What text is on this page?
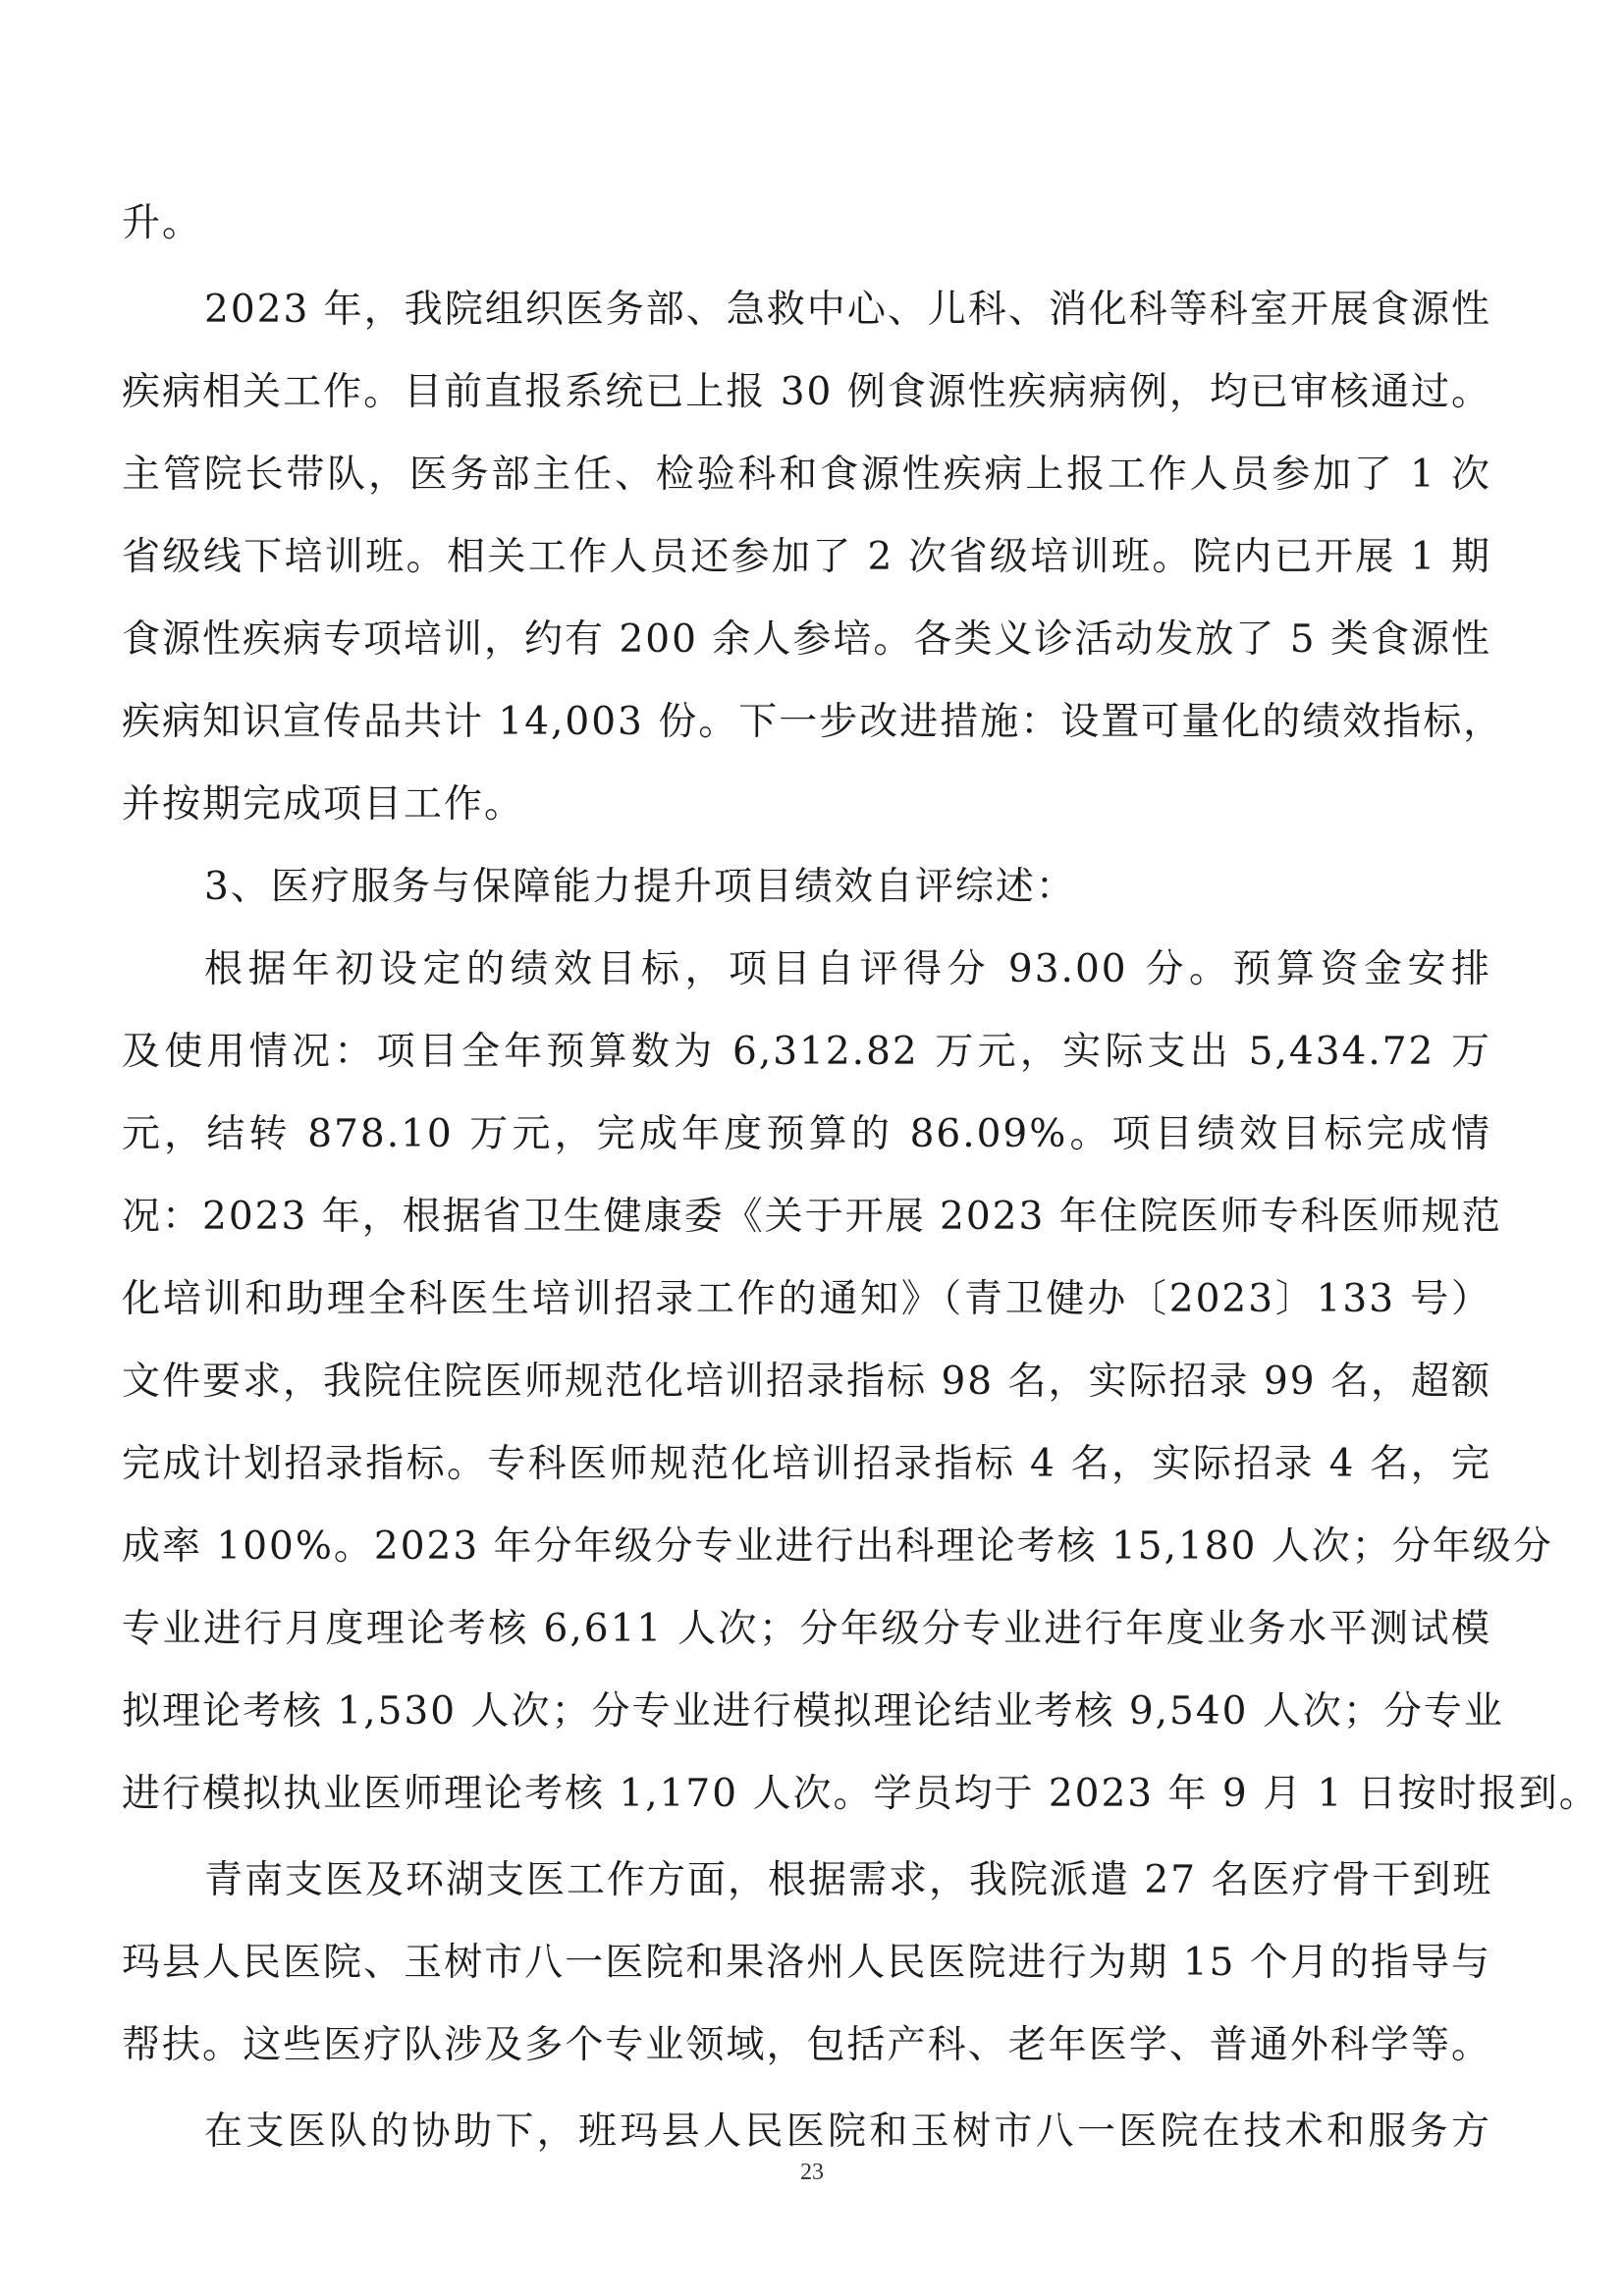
升。
2023 年，我院组织医务部、急救中心、儿科、消化科等科室开展食源性
疾病相关工作。目前直报系统已上报 30 例食源性疾病病例，均已审核通过。
主管院长带队，医务部主任、检验科和食源性疾病上报工作人员参加了 1 次
省级线下培训班。相关工作人员还参加了 2 次省级培训班。院内已开展 1 期
食源性疾病专项培训，约有 200 余人参培。各类义诊活动发放了 5 类食源性
疾病知识宣传品共计 14,003 份。下一步改进措施：设置可量化的绩效指标，
并按期完成项目工作。
3、医疗服务与保障能力提升项目绩效自评综述：
根据年初设定的绩效目标，项目自评得分 93.00 分。预算资金安排
及使用情况：项目全年预算数为 6,312.82 万元，实际支出 5,434.72 万
元，结转 878.10 万元，完成年度预算的 86.09%。项目绩效目标完成情
况：2023 年，根据省卫生健康委《关于开展 2023 年住院医师专科医师规范
化培训和助理全科医生培训招录工作的通知》（青卫健办〔2023〕133 号）
文件要求，我院住院医师规范化培训招录指标 98 名，实际招录 99 名，超额
完成计划招录指标。专科医师规范化培训招录指标 4 名，实际招录 4 名，完
成率 100%。2023 年分年级分专业进行出科理论考核 15,180 人次；分年级分
专业进行月度理论考核 6,611 人次；分年级分专业进行年度业务水平测试模
拟理论考核 1,530 人次；分专业进行模拟理论结业考核 9,540 人次；分专业
进行模拟执业医师理论考核 1,170 人次。学员均于 2023 年 9 月 1 日按时报到。
青南支医及环湖支医工作方面，根据需求，我院派遣 27 名医疗骨干到班
玛县人民医院、玉树市八一医院和果洛州人民医院进行为期 15 个月的指导与
帮扶。这些医疗队涉及多个专业领域，包括产科、老年医学、普通外科学等。
在支医队的协助下，班玛县人民医院和玉树市八一医院在技术和服务方
23
